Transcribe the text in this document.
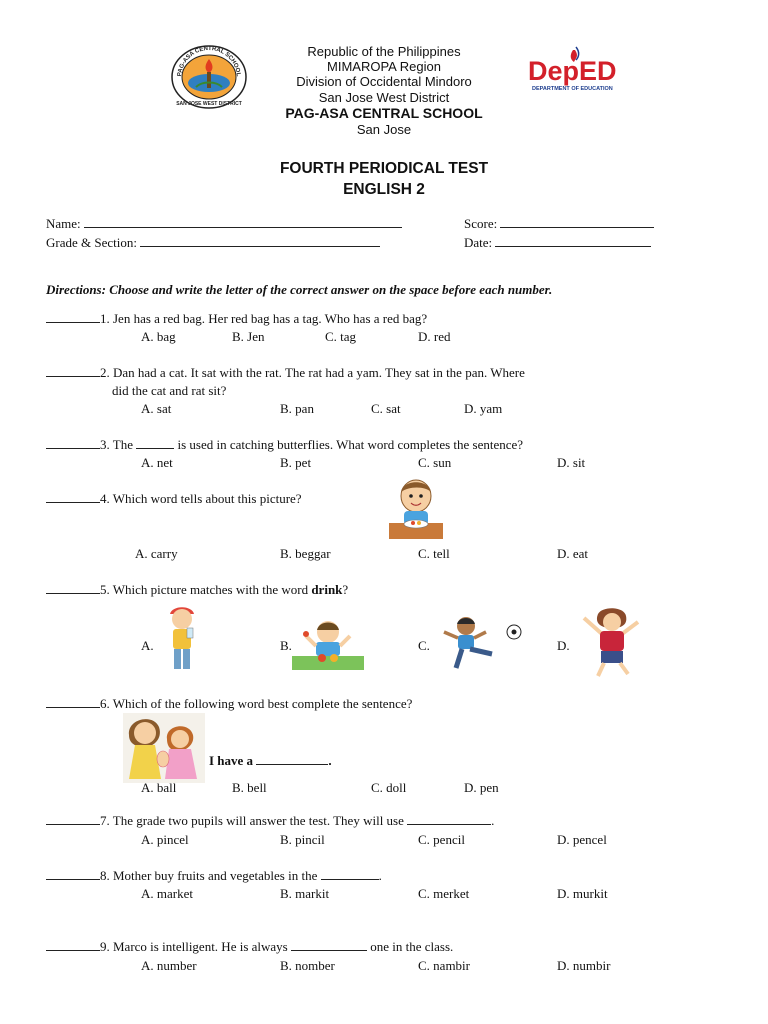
PAG-ASA CENTRAL SCHOOL
SAN JOSE WEST DISTRICT
DepED
DEPARTMENT OF EDUCATION
Republic of the Philippines
MIMAROPA Region
Division of Occidental Mindoro
San Jose West District
PAG-ASA CENTRAL SCHOOL
San Jose
FOURTH PERIODICAL TEST
ENGLISH 2
Name:	Score:
Grade & Section:	Date:
Directions: Choose and write the letter of the correct answer on the space before each number.
1. Jen has a red bag. Her red bag has a tag. Who has a red bag?
A. bag	B. Jen	C. tag	D. red
2. Dan had a cat. It sat with the rat. The rat had a yam. They sat in the pan. Where
did the cat and rat sit?
A. sat	B. pan	C. sat	D. yam
3. The	is used in catching butterflies. What word completes the sentence?
A. net	B. pet	C. sun	D. sit
4. Which word tells about this picture?
A. carry	B. beggar	C. tell	D. eat
5. Which picture matches with the word drink?
A.	B.	C.	D.
6. Which of the following word best complete the sentence?
I have a	.
A. ball	B. bell	C. doll	D. pen
7. The grade two pupils will answer the test. They will use	.
A. pincel	B. pincil	C. pencil	D. pencel
8. Mother buy fruits and vegetables in the	.
A. market	B. markit	C. merket	D. murkit
9. Marco is intelligent. He is always	one in the class.
A. number	B. nomber	C. nambir	D. numbir
